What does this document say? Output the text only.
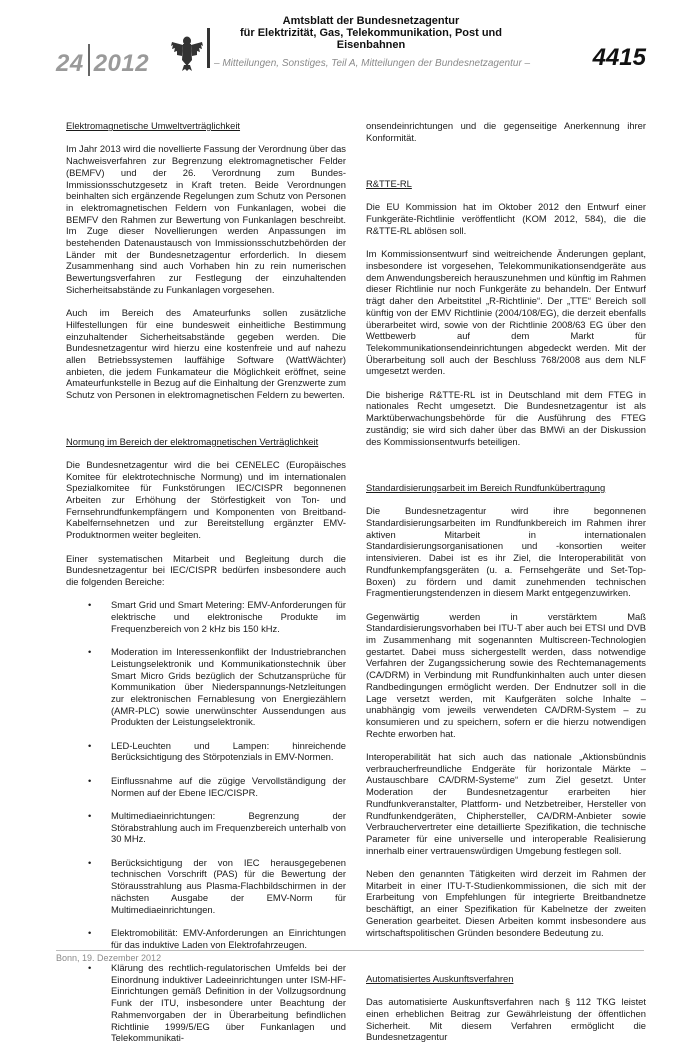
24 2012
Amtsblatt der Bundesnetzagentur
für Elektrizität, Gas, Telekommunikation, Post und Eisenbahnen
– Mitteilungen, Sonstiges, Teil A, Mitteilungen der Bundesnetzagentur –	4415
Elektromagnetische Umweltverträglichkeit

Im Jahr 2013 wird die novellierte Fassung der Verordnung über das Nachweisverfahren zur Begrenzung elektromagnetischer Felder (BEMFV) und der 26. Verordnung zum Bundes-Immissionsschutzgesetz in Kraft treten. Beide Verordnungen beinhalten sich ergänzende Regelungen zum Schutz von Personen in elektromagnetischen Feldern von Funkanlagen, wobei die BEMFV den Rahmen zur Bewertung von Funkanlagen beschreibt. Im Zuge dieser Novellierungen werden Anpassungen im bestehenden Datenaustausch von Immissionsschutzbehörden der Länder mit der Bundesnetzagentur erforderlich. In diesem Zusammenhang sind auch Vorhaben hin zu rein numerischen Bewertungsverfahren zur Festlegung der einzuhaltenden Sicherheitsabstände zu Funkanlagen vorgesehen.

Auch im Bereich des Amateurfunks sollen zusätzliche Hilfestellungen für eine bundesweit einheitliche Bestimmung einzuhaltender Sicherheitsabstände gegeben werden. Die Bundesnetzagentur wird hierzu eine kostenfreie und auf nahezu allen Betriebssystemen lauffähige Software (WattWächter) anbieten, die jedem Funkamateur die Möglichkeit eröffnet, seine Amateurfunkstelle in Bezug auf die Einhaltung der Grenzwerte zum Schutz von Personen in elektromagnetischen Feldern zu bewerten.

Normung im Bereich der elektromagnetischen Verträglichkeit

Die Bundesnetzagentur wird die bei CENELEC (Europäisches Komitee für elektrotechnische Normung) und im internationalen Spezialkomitee für Funkstörungen IEC/CISPR begonnenen Arbeiten zur Erhöhung der Störfestigkeit von Ton- und Fernsehrundfunkempfängern und Komponenten von Breitband-Kabelfernsehnetzen und zur Bereitstellung ergänzter EMV-Produktnormen weiter begleiten.

Einer systematischen Mitarbeit und Begleitung durch die Bundesnetzagentur bei IEC/CISPR bedürfen insbesondere auch die folgenden Bereiche:

• Smart Grid und Smart Metering: EMV-Anforderungen für elektrische und elektronische Produkte im Frequenzbereich von 2 kHz bis 150 kHz.
• Moderation im Interessenkonflikt der Industriebranchen Leistungselektronik und Kommunikationstechnik über Smart Micro Grids bezüglich der Schutzansprüche für Kommunikation über Niederspannungs-Netzleitungen zur elektronischen Fernablesung von Energiezählern (AMR-PLC) sowie unerwünschter Aussendungen aus Produkten der Leistungselektronik.
• LED-Leuchten und Lampen: hinreichende Berücksichtigung des Störpotenzials in EMV-Normen.
• Einflussnahme auf die zügige Vervollständigung der Normen auf der Ebene IEC/CISPR.
• Multimediaeinrichtungen: Begrenzung der Störabstrahlung auch im Frequenzbereich unterhalb von 30 MHz.
• Berücksichtigung der von IEC herausgegebenen technischen Vorschrift (PAS) für die Bewertung der Störausstrahlung aus Plasma-Flachbildschirmen in der nächsten Ausgabe der EMV-Norm für Multimediaeinrichtungen.
• Elektromobilität: EMV-Anforderungen an Einrichtungen für das induktive Laden von Elektrofahrzeugen.
• Klärung des rechtlich-regulatorischen Umfelds bei der Einordnung induktiver Ladeeinrichtungen unter ISM-HF-Einrichtungen gemäß Definition in der Vollzugsordnung Funk der ITU, insbesondere unter Beachtung der Rahmenvorgaben der in Überarbeitung befindlichen Richtlinie 1999/5/EG über Funkanlagen und Telekommunikati-

onsendeinrichtungen und die gegenseitige Anerkennung ihrer Konformität.

R&TTE-RL

Die EU Kommission hat im Oktober 2012 den Entwurf einer Funkgeräte-Richtlinie veröffentlicht (KOM 2012, 584), die die R&TTE-RL ablösen soll.

Im Kommissionsentwurf sind weitreichende Änderungen geplant, insbesondere ist vorgesehen, Telekommunikationsendgeräte aus dem Anwendungsbereich herauszunehmen und künftig im Rahmen dieser Richtlinie nur noch Funkgeräte zu behandeln. Der Entwurf trägt daher den Arbeitstitel „R-Richtlinie“. Der „TTE“ Bereich soll künftig von der EMV Richtlinie (2004/108/EG), die derzeit ebenfalls überarbeitet wird, sowie von der Richtlinie 2008/63 EG über den Wettbewerb auf dem Markt für Telekommunikationsendeinrichtungen abgedeckt werden. Mit der Überarbeitung soll auch der Beschluss 768/2008 aus dem NLF umgesetzt werden.

Die bisherige R&TTE-RL ist in Deutschland mit dem FTEG in nationales Recht umgesetzt. Die Bundesnetzagentur ist als Marktüberwachungsbehörde für die Ausführung des FTEG zuständig; sie wird sich daher über das BMWi an der Diskussion des Kommissionsentwurfs beteiligen.

Standardisierungsarbeit im Bereich Rundfunkübertragung

Die Bundesnetzagentur wird ihre begonnenen Standardisierungsarbeiten im Rundfunkbereich im Rahmen ihrer aktiven Mitarbeit in internationalen Standardisierungsorganisationen und -konsortien weiter intensivieren. Dabei ist es ihr Ziel, die Interoperabilität von Rundfunkempfangsgeräten (u. a. Fernsehgeräte und Set-Top-Boxen) zu fördern und damit zunehmenden technischen Fragmentierungstendenzen in diesem Markt entgegenzuwirken.

Gegenwärtig werden in verstärktem Maß Standardisierungsvorhaben bei ITU-T aber auch bei ETSI und DVB im Zusammenhang mit sogenannten Multiscreen-Technologien gestartet. Dabei muss sichergestellt werden, dass notwendige Verfahren der Zugangssicherung sowie des Rechtemanagements (CA/DRM) in Verbindung mit Rundfunkinhalten auch unter diesen Randbedingungen ermöglicht werden. Der Endnutzer soll in die Lage versetzt werden, mit Kaufgeräten solche Inhalte – unabhängig vom jeweils verwendeten CA/DRM-System – zu konsumieren und zu speichern, sofern er die hierzu notwendigen Rechte erworben hat.

Interoperabilität hat sich auch das nationale „Aktionsbündnis verbraucherfreundliche Endgeräte für horizontale Märkte – Austauschbare CA/DRM-Systeme“ zum Ziel gesetzt. Unter Moderation der Bundesnetzagentur erarbeiten hier Rundfunkveranstalter, Plattform- und Netzbetreiber, Hersteller von Rundfunkendgeräten, Chiphersteller, CA/DRM-Anbieter sowie Verbrauchervertreter eine detaillierte Spezifikation, die technische Parameter für eine universelle und interoperable Realisierung innerhalb einer vertrauenswürdigen Umgebung festlegen soll.

Neben den genannten Tätigkeiten wird derzeit im Rahmen der Mitarbeit in einer ITU-T-Studienkommissionen, die sich mit der Erarbeitung von Empfehlungen für integrierte Breitbandnetze beschäftigt, an einer Spezifikation für Kabelnetze der zweiten Generation gearbeitet. Diesen Arbeiten kommt insbesondere aus wirtschaftspolitischen Gründen besondere Bedeutung zu.

Automatisiertes Auskunftsverfahren

Das automatisierte Auskunftsverfahren nach § 112 TKG leistet einen erheblichen Beitrag zur Gewährleistung der öffentlichen Sicherheit. Mit diesem Verfahren ermöglicht die Bundesnetzagentur

Bonn, 19. Dezember 2012
